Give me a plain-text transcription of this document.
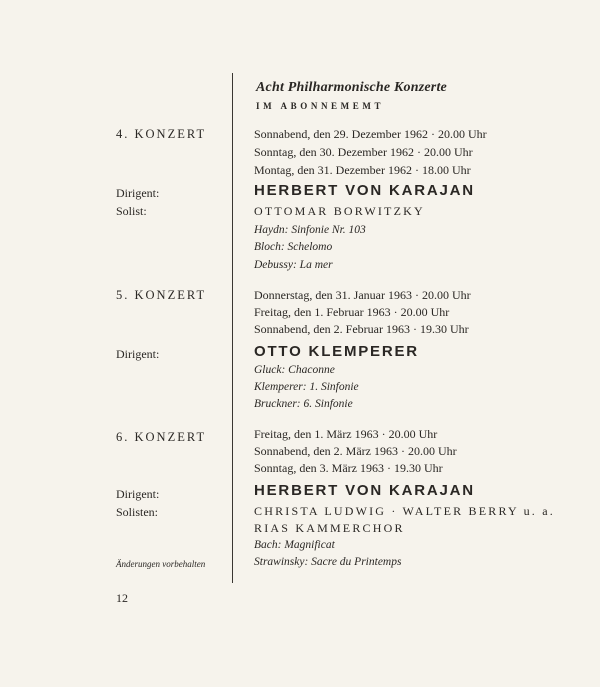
Acht Philharmonische Konzerte
IM ABONNEMEMT
4. KONZERT	Sonnabend, den 29. Dezember 1962 · 20.00 Uhr
Sonntag, den 30. Dezember 1962 · 20.00 Uhr
Montag, den 31. Dezember 1962 · 18.00 Uhr
Dirigent:	HERBERT VON KARAJAN
Solist:	OTTOMAR BORWITZKY
Haydn: Sinfonie Nr. 103
Bloch: Schelomo
Debussy: La mer
5. KONZERT	Donnerstag, den 31. Januar 1963 · 20.00 Uhr
Freitag, den 1. Februar 1963 · 20.00 Uhr
Sonnabend, den 2. Februar 1963 · 19.30 Uhr
Dirigent:	OTTO KLEMPERER
Gluck: Chaconne
Klemperer: 1. Sinfonie
Bruckner: 6. Sinfonie
6. KONZERT	Freitag, den 1. März 1963 · 20.00 Uhr
Sonnabend, den 2. März 1963 · 20.00 Uhr
Sonntag, den 3. März 1963 · 19.30 Uhr
Dirigent:	HERBERT VON KARAJAN
Solisten:	CHRISTA LUDWIG · WALTER BERRY u. a.
RIAS KAMMERCHOR
Bach: Magnificat
Strawinsky: Sacre du Printemps
Änderungen vorbehalten
12
